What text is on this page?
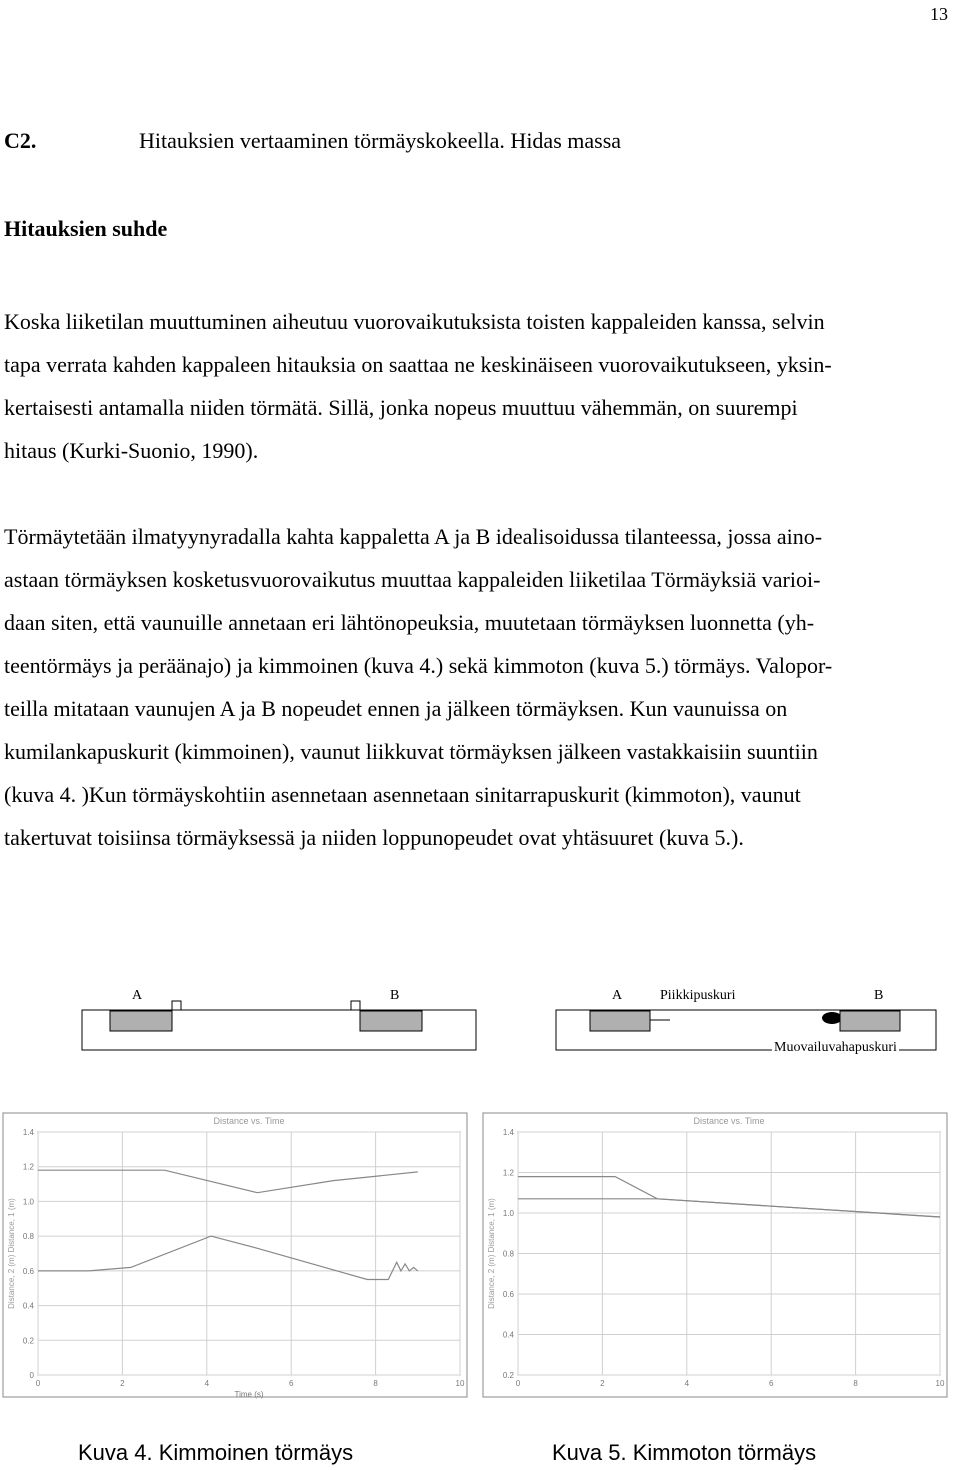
13
C2.	Hitauksien vertaaminen törmäyskokeella. Hidas massa
Hitauksien suhde

Koska liiketilan muuttuminen aiheutuu vuorovaikutuksista toisten kappaleiden kanssa, selvin
tapa verrata kahden kappaleen hitauksia on saattaa ne keskinäiseen vuorovaikutukseen, yksin-
kertaisesti antamalla niiden törmätä. Sillä, jonka nopeus muuttuu vähemmän, on suurempi
hitaus (Kurki-Suonio, 1990).

Törmäytetään ilmatyynyradalla kahta kappaletta A ja B idealisoidussa tilanteessa, jossa aino-
astaan törmäyksen kosketusvuorovaikutus muuttaa kappaleiden liiketilaa Törmäyksiä varioi-
daan siten, että vaunuille annetaan eri lähtönopeuksia, muutetaan törmäyksen luonnetta (yh-
teentörmäys ja peräänajo) ja kimmoinen (kuva 4.) sekä kimmoton (kuva 5.) törmäys. Valopor-
teilla mitataan vaunujen A ja B nopeudet ennen ja jälkeen törmäyksen. Kun vaunuissa on
kumilankapuskurit (kimmoinen), vaunut liikkuvat törmäyksen jälkeen vastakkaisiin suuntiin
(kuva 4. )Kun törmäyskohtiin asennetaan asennetaan sinitarrapuskurit (kimmoton), vaunut
takertuvat toisiinsa törmäyksessä ja niiden loppunopeudet ovat yhtäsuuret (kuva 5.).

A	B	A	Piikkipuskuri	B
Muovailuvahapuskuri
0	2	4	6	8	10
0
0.2
0.4
0.6
0.8
1.0
1.2
1.4
Distance vs. Time
Time (s)
Distance, 2 (m) Distance, 1 (m)
0	2	4	6	8	10
0.2
0.4
0.6
0.8
1.0
1.2
1.4
Distance vs. Time
Distance, 2 (m) Distance, 1 (m)
Kuva 4. Kimmoinen törmäys	Kuva 5. Kimmoton törmäys
